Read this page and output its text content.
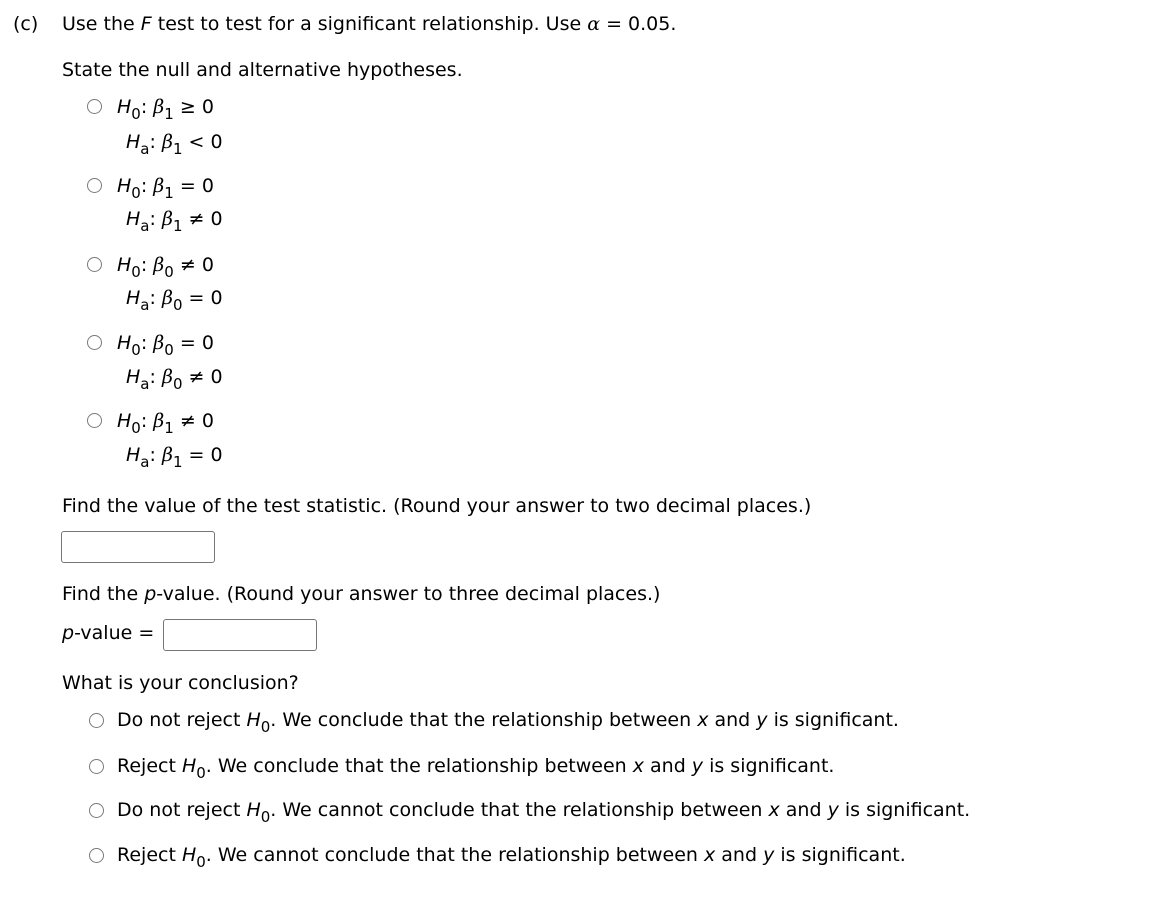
(c) Use the F test to test for a significant relationship. Use α = 0.05.
State the null and alternative hypotheses.
$H_0$: $\beta_1 \ge 0$
$H_a$: $\beta_1 < 0$
$H_0$: $\beta_1 = 0$
$H_a$: $\beta_1 \ne 0$
$H_0$: $\beta_0 \ne 0$
$H_a$: $\beta_0 = 0$
$H_0$: $\beta_0 = 0$
$H_a$: $\beta_0 \ne 0$
$H_0$: $\beta_1 \ne 0$
$H_a$: $\beta_1 = 0$
Find the value of the test statistic. (Round your answer to two decimal places.)
Find the p-value. (Round your answer to three decimal places.)
p-value =
What is your conclusion?
Do not reject $H_0$. We conclude that the relationship between x and y is significant.
Reject $H_0$. We conclude that the relationship between x and y is significant.
Do not reject $H_0$. We cannot conclude that the relationship between x and y is significant.
Reject $H_0$. We cannot conclude that the relationship between x and y is significant.
